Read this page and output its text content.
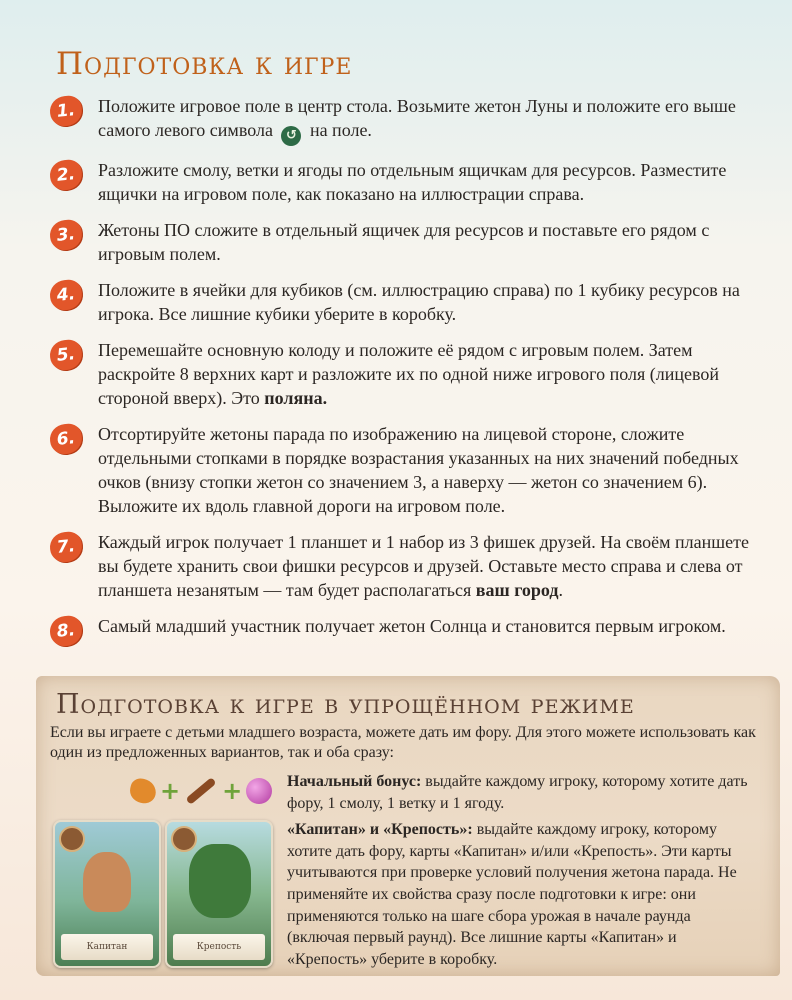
Подготовка к игре
1.	Положите игровое поле в центр стола. Возьмите жетон Луны и положите его выше самого левого символа ↺ на поле.
2.	Разложите смолу, ветки и ягоды по отдельным ящичкам для ресурсов. Разместите ящички на игровом поле, как показано на иллюстрации справа.
3.	Жетоны ПО сложите в отдельный ящичек для ресурсов и поставьте его рядом с игровым полем.
4.	Положите в ячейки для кубиков (см. иллюстрацию справа) по 1 кубику ресурсов на игрока. Все лишние кубики уберите в коробку.
5.	Перемешайте основную колоду и положите её рядом с игровым полем. Затем раскройте 8 верхних карт и разложите их по одной ниже игрового поля (лицевой стороной вверх). Это поляна.
6.	Отсортируйте жетоны парада по изображению на лицевой стороне, сложите отдельными стопками в порядке возрастания указанных на них значений победных очков (внизу стопки жетон со значением 3, а наверху — жетон со значением 6). Выложите их вдоль главной дороги на игровом поле.
7.	Каждый игрок получает 1 планшет и 1 набор из 3 фишек друзей. На своём планшете вы будете хранить свои фишки ресурсов и друзей. Оставьте место справа и слева от планшета незанятым — там будет располагаться ваш город.
8.	Самый младший участник получает жетон Солнца и становится первым игроком.
Подготовка к игре в упрощённом режиме
Если вы играете с детьми младшего возраста, можете дать им фору. Для этого можете использовать как один из предложенных вариантов, так и оба сразу:
+ +
Капитан	Крепость

Начальный бонус: выдайте каждому игроку, которому хотите дать фору, 1 смолу, 1 ветку и 1 ягоду.

«Капитан» и «Крепость»: выдайте каждому игроку, которому хотите дать фору, карты «Капитан» и/или «Крепость». Эти карты учитываются при проверке условий получения жетона парада. Не применяйте их свойства сразу после подготовки к игре: они применяются только на шаге сбора урожая в начале раунда (включая первый раунд). Все лишние карты «Капитан» и «Крепость» уберите в коробку.
